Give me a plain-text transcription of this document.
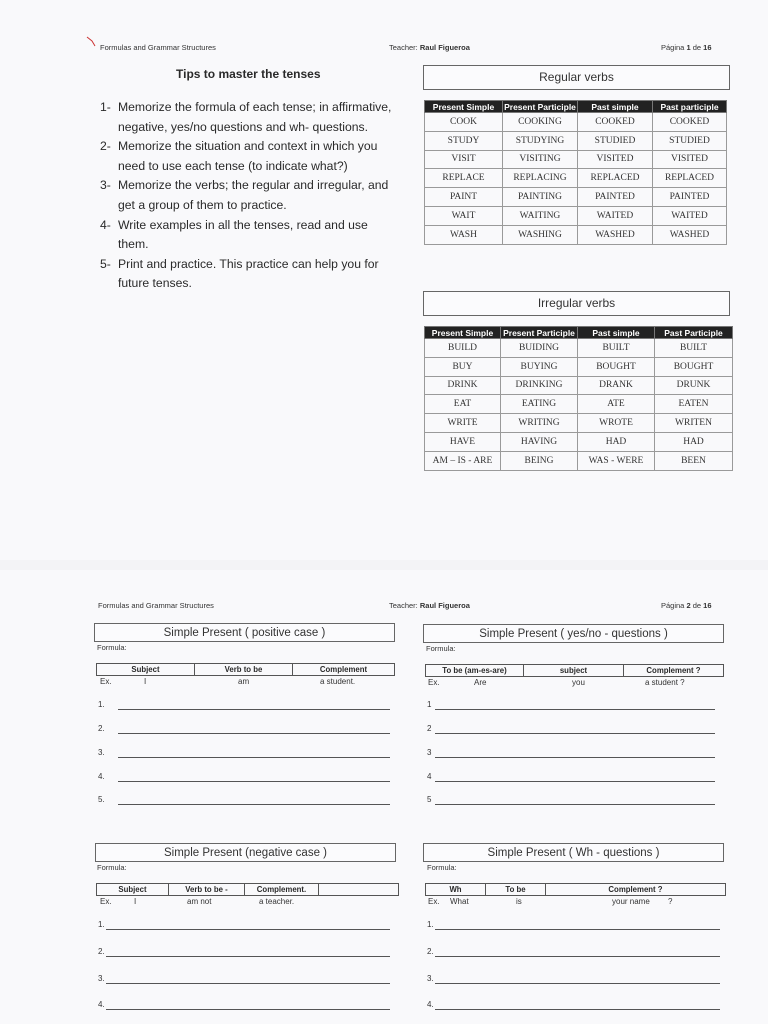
Formulas and Grammar Structures	Teacher: Raul Figueroa	Página 1 de 16
Tips to master the tenses
1- Memorize the formula of each tense; in affirmative, negative, yes/no questions and wh- questions.
2- Memorize the situation and context in which you need to use each tense (to indicate what?)
3- Memorize the verbs; the regular and irregular, and get a group of them to practice.
4- Write examples in all the tenses, read and use them.
5- Print and practice. This practice can help you for future tenses.
Regular verbs
Present Simple	Present Participle	Past simple	Past participle
COOK	COOKING	COOKED	COOKED
STUDY	STUDYING	STUDIED	STUDIED
VISIT	VISITING	VISITED	VISITED
REPLACE	REPLACING	REPLACED	REPLACED
PAINT	PAINTING	PAINTED	PAINTED
WAIT	WAITING	WAITED	WAITED
WASH	WASHING	WASHED	WASHED
Irregular verbs
Present Simple	Present Participle	Past simple	Past Participle
BUILD	BUIDING	BUILT	BUILT
BUY	BUYING	BOUGHT	BOUGHT
DRINK	DRINKING	DRANK	DRUNK
EAT	EATING	ATE	EATEN
WRITE	WRITING	WROTE	WRITEN
HAVE	HAVING	HAD	HAD
AM – IS - ARE	BEING	WAS - WERE	BEEN
Formulas and Grammar Structures	Teacher: Raul Figueroa	Página 2 de 16
Simple Present ( positive case )
Formula:
Subject	Verb to be	Complement
Ex.	I	am	a student.
1.
2.
3.
4.
5.
Simple Present ( yes/no - questions )
Formula:
To be (am-es-are)	subject	Complement ?
Ex.	Are	you	a student ?
1
2
3
4
5
Simple Present (negative case )
Formula:
Subject	Verb to be -	Complement.	
Ex.	I	am not	a teacher.
1.
2.
3.
4.
Simple Present ( Wh - questions )
Formula:
Wh	To be	Complement ?
Ex. What	is	your name ?
1.
2.
3.
4.
